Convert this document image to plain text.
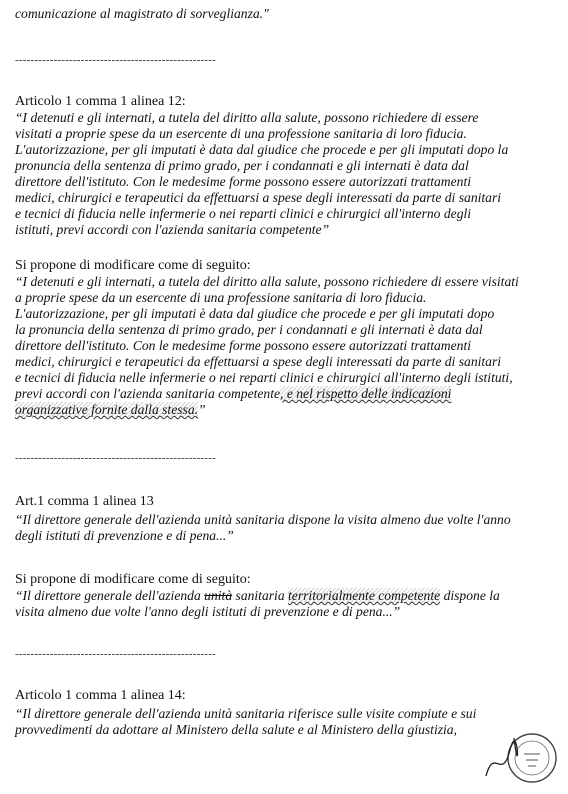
comunicazione al magistrato di sorveglianza."
----------------------------------------------------
Articolo 1 comma 1 alinea 12:
“I detenuti e gli internati, a tutela del diritto alla salute, possono richiedere di essere
visitati a proprie spese da un esercente di una professione sanitaria di loro fiducia.
L'autorizzazione, per gli imputati è data dal giudice che procede e per gli imputati dopo la
pronuncia della sentenza di primo grado, per i condannati e gli internati è data dal
direttore dell'istituto. Con le medesime forme possono essere autorizzati trattamenti
medici, chirurgici e terapeutici da effettuarsi a spese degli interessati da parte di sanitari
e tecnici di fiducia nelle infermerie o nei reparti clinici e chirurgici all'interno degli
istituti, previ accordi con l'azienda sanitaria competente”
Si propone di modificare come di seguito:
“I detenuti e gli internati, a tutela del diritto alla salute, possono richiedere di essere visitati
a proprie spese da un esercente di una professione sanitaria di loro fiducia.
L'autorizzazione, per gli imputati è data dal giudice che procede e per gli imputati dopo
la pronuncia della sentenza di primo grado, per i condannati e gli internati è data dal
direttore dell'istituto. Con le medesime forme possono essere autorizzati trattamenti
medici, chirurgici e terapeutici da effettuarsi a spese degli interessati da parte di sanitari
e tecnici di fiducia nelle infermerie o nei reparti clinici e chirurgici all'interno degli istituti,
previ accordi con l'azienda sanitaria competente, e nel rispetto delle indicazioni
organizzative fornite dalla stessa.”
----------------------------------------------------
Art.1 comma 1 alinea 13
“Il direttore generale dell'azienda unità sanitaria dispone la visita almeno due volte l'anno
degli istituti di prevenzione e di pena...”
Si propone di modificare come di seguito:
“Il direttore generale dell'azienda unità sanitaria territorialmente competente dispone la
visita almeno due volte l'anno degli istituti di prevenzione e di pena...”
----------------------------------------------------
Articolo 1 comma 1 alinea 14:
“Il direttore generale dell'azienda unità sanitaria riferisce sulle visite compiute e sui
provvedimenti da adottare al Ministero della salute e al Ministero della giustizia,
